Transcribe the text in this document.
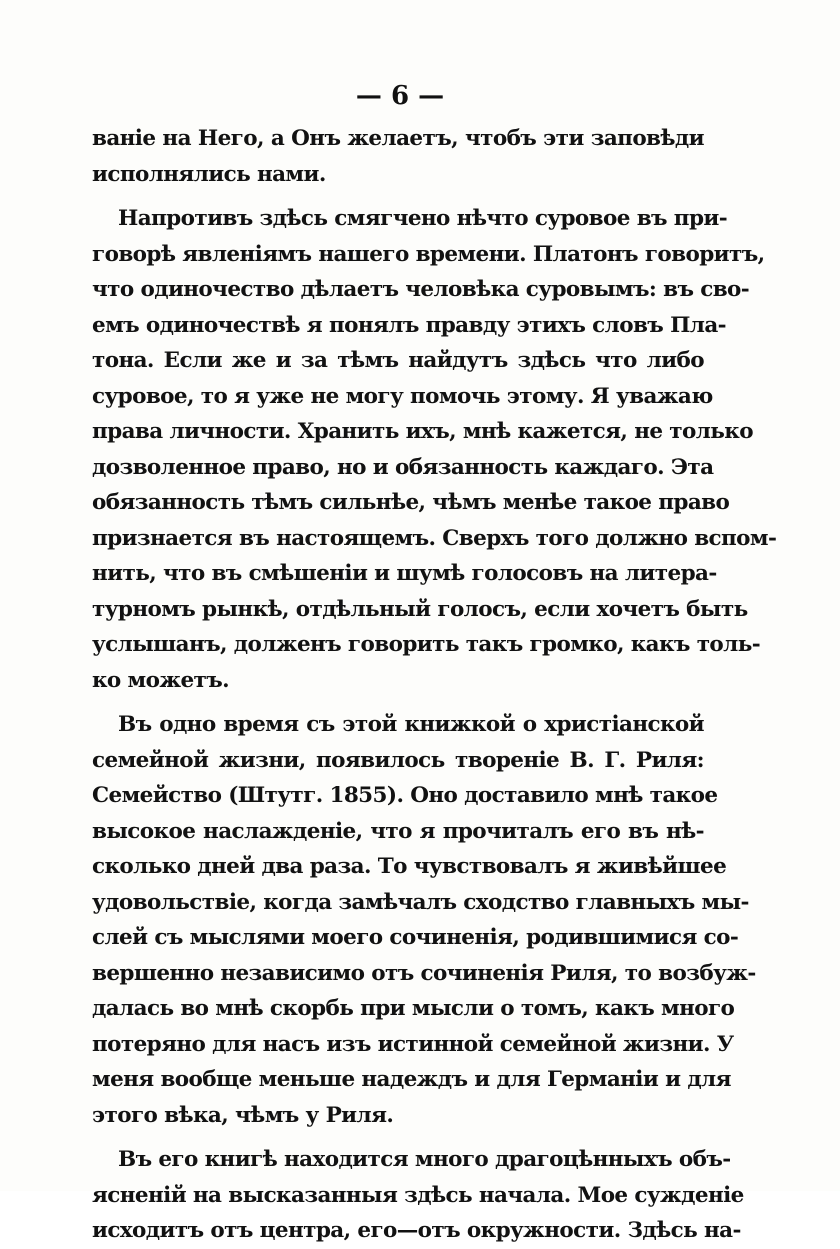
— 6 —
ваніе на Него, а Онъ желаетъ, чтобъ эти заповѣди
исполнялись нами.
Напротивъ здѣсь смягчено нѣчто суровое въ при-
говорѣ явленіямъ нашего времени. Платонъ говоритъ,
что одиночество дѣлаетъ человѣка суровымъ: въ сво-
емъ одиночествѣ я понялъ правду этихъ словъ Пла-
тона. Если же и за тѣмъ найдутъ здѣсь что либо
суровое, то я уже не могу помочь этому. Я уважаю
права личности. Хранить ихъ, мнѣ кажется, не только
дозволенное право, но и обязанность каждаго. Эта
обязанность тѣмъ сильнѣе, чѣмъ менѣе такое право
признается въ настоящемъ. Сверхъ того должно вспом-
нить, что въ смѣшеніи и шумѣ голосовъ на литера-
турномъ рынкѣ, отдѣльный голосъ, если хочетъ быть
услышанъ, долженъ говорить такъ громко, какъ толь-
ко можетъ.
Въ одно время съ этой книжкой о христіанской
семейной жизни, появилось твореніе В. Г. Риля:
Семейство (Штутг. 1855). Оно доставило мнѣ такое
высокое наслажденіе, что я прочиталъ его въ нѣ-
сколько дней два раза. То чувствовалъ я живѣйшее
удовольствіе, когда замѣчалъ сходство главныхъ мы-
слей съ мыслями моего сочиненія, родившимися со-
вершенно независимо отъ сочиненія Риля, то возбуж-
далась во мнѣ скорбь при мысли о томъ, какъ много
потеряно для насъ изъ истинной семейной жизни. У
меня вообще меньше надеждъ и для Германіи и для
этого вѣка, чѣмъ у Риля.
Въ его книгѣ находится много драгоцѣнныхъ объ-
ясненій на высказанныя здѣсь начала. Мое сужденіе
исходитъ отъ центра, его—отъ окружности. Здѣсь на-
